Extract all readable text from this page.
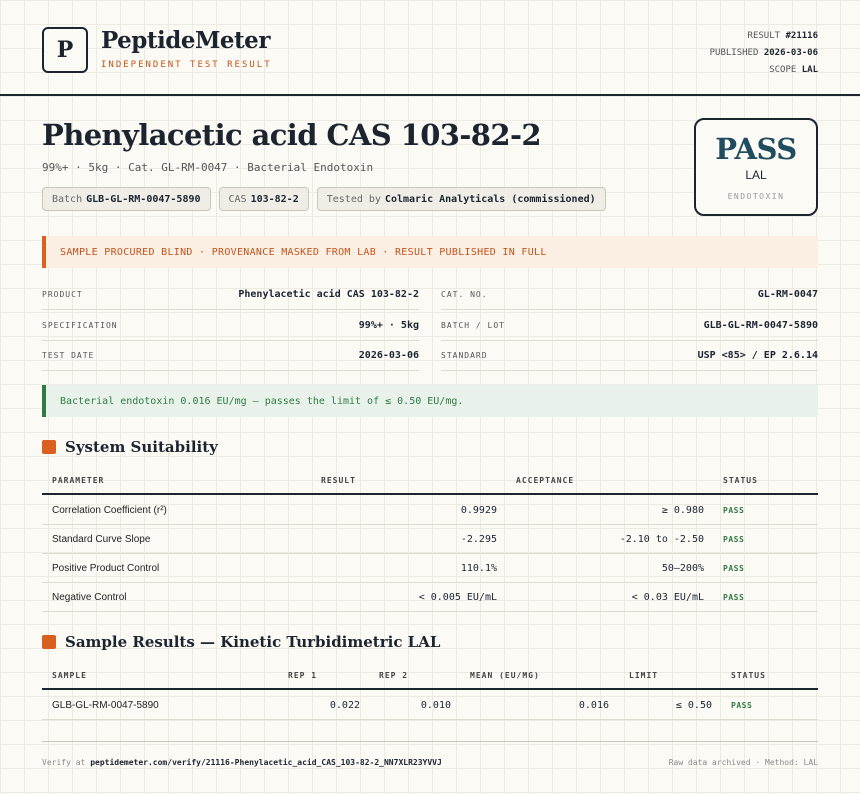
P	PeptideMeter
INDEPENDENT TEST RESULT
RESULT #21116
PUBLISHED 2026-03-06
SCOPE LAL
Phenylacetic acid CAS 103-82-2
99%+ · 5kg · Cat. GL-RM-0047 · Bacterial Endotoxin
Batch GLB-GL-RM-0047-5890	CAS 103-82-2	Tested by Colmaric Analyticals (commissioned)
PASS
LAL
ENDOTOXIN
SAMPLE PROCURED BLIND · PROVENANCE MASKED FROM LAB · RESULT PUBLISHED IN FULL
PRODUCT	Phenylacetic acid CAS 103-82-2
SPECIFICATION	99%+ · 5kg
TEST DATE	2026-03-06
CAT. NO.	GL-RM-0047
BATCH / LOT	GLB-GL-RM-0047-5890
STANDARD	USP <85> / EP 2.6.14
Bacterial endotoxin 0.016 EU/mg — passes the limit of ≤ 0.50 EU/mg.
System Suitability
PARAMETER	RESULT	ACCEPTANCE	STATUS
Correlation Coefficient (r²)	0.9929	≥ 0.980 PASS
Standard Curve Slope	-2.295	-2.10 to -2.50 PASS
Positive Product Control	110.1%	50–200% PASS
Negative Control	< 0.005 EU/mL	< 0.03 EU/mL PASS
Sample Results — Kinetic Turbidimetric LAL
SAMPLE	REP 1	REP 2	MEAN (EU/MG)	LIMIT	STATUS
GLB-GL-RM-0047-5890	0.022	0.010	0.016	≤ 0.50 PASS
Verify at peptidemeter.com/verify/21116-Phenylacetic_acid_CAS_103-82-2_NN7XLR23YVVJ	Raw data archived · Method: LAL
